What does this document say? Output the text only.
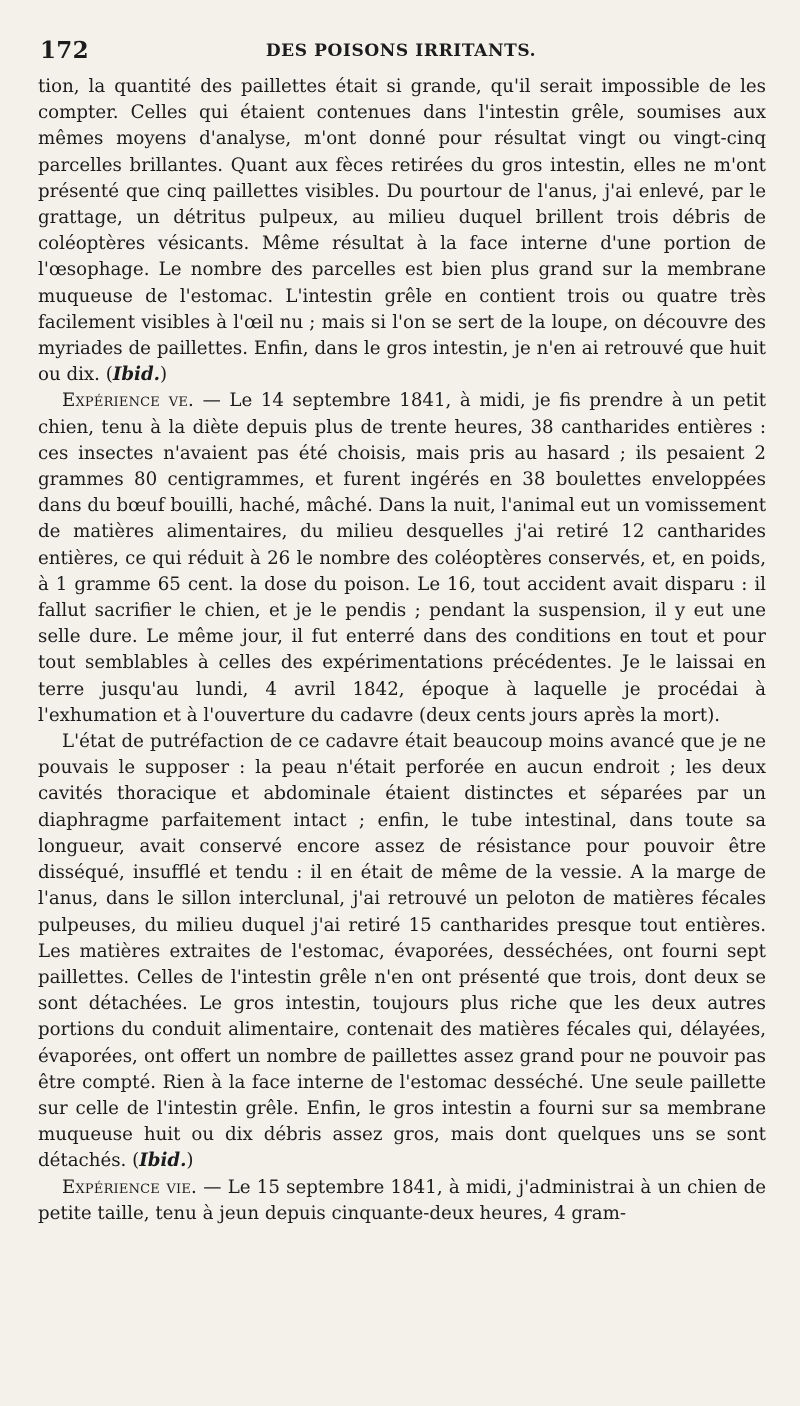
172	DES POISONS IRRITANTS.

tion, la quantité des paillettes était si grande, qu'il serait impossible de les compter. Celles qui étaient contenues dans l'intestin grêle, soumises aux mêmes moyens d'analyse, m'ont donné pour résultat vingt ou vingt-cinq parcelles brillantes. Quant aux fèces retirées du gros intestin, elles ne m'ont présenté que cinq paillettes visibles. Du pourtour de l'anus, j'ai enlevé, par le grattage, un détritus pulpeux, au milieu duquel brillent trois débris de coléoptères vésicants. Même résultat à la face interne d'une portion de l'œsophage. Le nombre des parcelles est bien plus grand sur la membrane muqueuse de l'estomac. L'intestin grêle en contient trois ou quatre très facilement visibles à l'œil nu ; mais si l'on se sert de la loupe, on découvre des myriades de paillettes. Enfin, dans le gros intestin, je n'en ai retrouvé que huit ou dix. (Ibid.)

Expérience ve. — Le 14 septembre 1841, à midi, je fis prendre à un petit chien, tenu à la diète depuis plus de trente heures, 38 cantharides entières : ces insectes n'avaient pas été choisis, mais pris au hasard ; ils pesaient 2 grammes 80 centigrammes, et furent ingérés en 38 boulettes enveloppées dans du bœuf bouilli, haché, mâché. Dans la nuit, l'animal eut un vomissement de matières alimentaires, du milieu desquelles j'ai retiré 12 cantharides entières, ce qui réduit à 26 le nombre des coléoptères conservés, et, en poids, à 1 gramme 65 cent. la dose du poison. Le 16, tout accident avait disparu : il fallut sacrifier le chien, et je le pendis ; pendant la suspension, il y eut une selle dure. Le même jour, il fut enterré dans des conditions en tout et pour tout semblables à celles des expérimentations précédentes. Je le laissai en terre jusqu'au lundi, 4 avril 1842, époque à laquelle je procédai à l'exhumation et à l'ouverture du cadavre (deux cents jours après la mort).

L'état de putréfaction de ce cadavre était beaucoup moins avancé que je ne pouvais le supposer : la peau n'était perforée en aucun endroit ; les deux cavités thoracique et abdominale étaient distinctes et séparées par un diaphragme parfaitement intact ; enfin, le tube intestinal, dans toute sa longueur, avait conservé encore assez de résistance pour pouvoir être disséqué, insufflé et tendu : il en était de même de la vessie. A la marge de l'anus, dans le sillon interclunal, j'ai retrouvé un peloton de matières fécales pulpeuses, du milieu duquel j'ai retiré 15 cantharides presque tout entières. Les matières extraites de l'estomac, évaporées, desséchées, ont fourni sept paillettes. Celles de l'intestin grêle n'en ont présenté que trois, dont deux se sont détachées. Le gros intestin, toujours plus riche que les deux autres portions du conduit alimentaire, contenait des matières fécales qui, délayées, évaporées, ont offert un nombre de paillettes assez grand pour ne pouvoir pas être compté. Rien à la face interne de l'estomac desséché. Une seule paillette sur celle de l'intestin grêle. Enfin, le gros intestin a fourni sur sa membrane muqueuse huit ou dix débris assez gros, mais dont quelques uns se sont détachés. (Ibid.)

Expérience vie. — Le 15 septembre 1841, à midi, j'administrai à un chien de petite taille, tenu à jeun depuis cinquante-deux heures, 4 gram-
